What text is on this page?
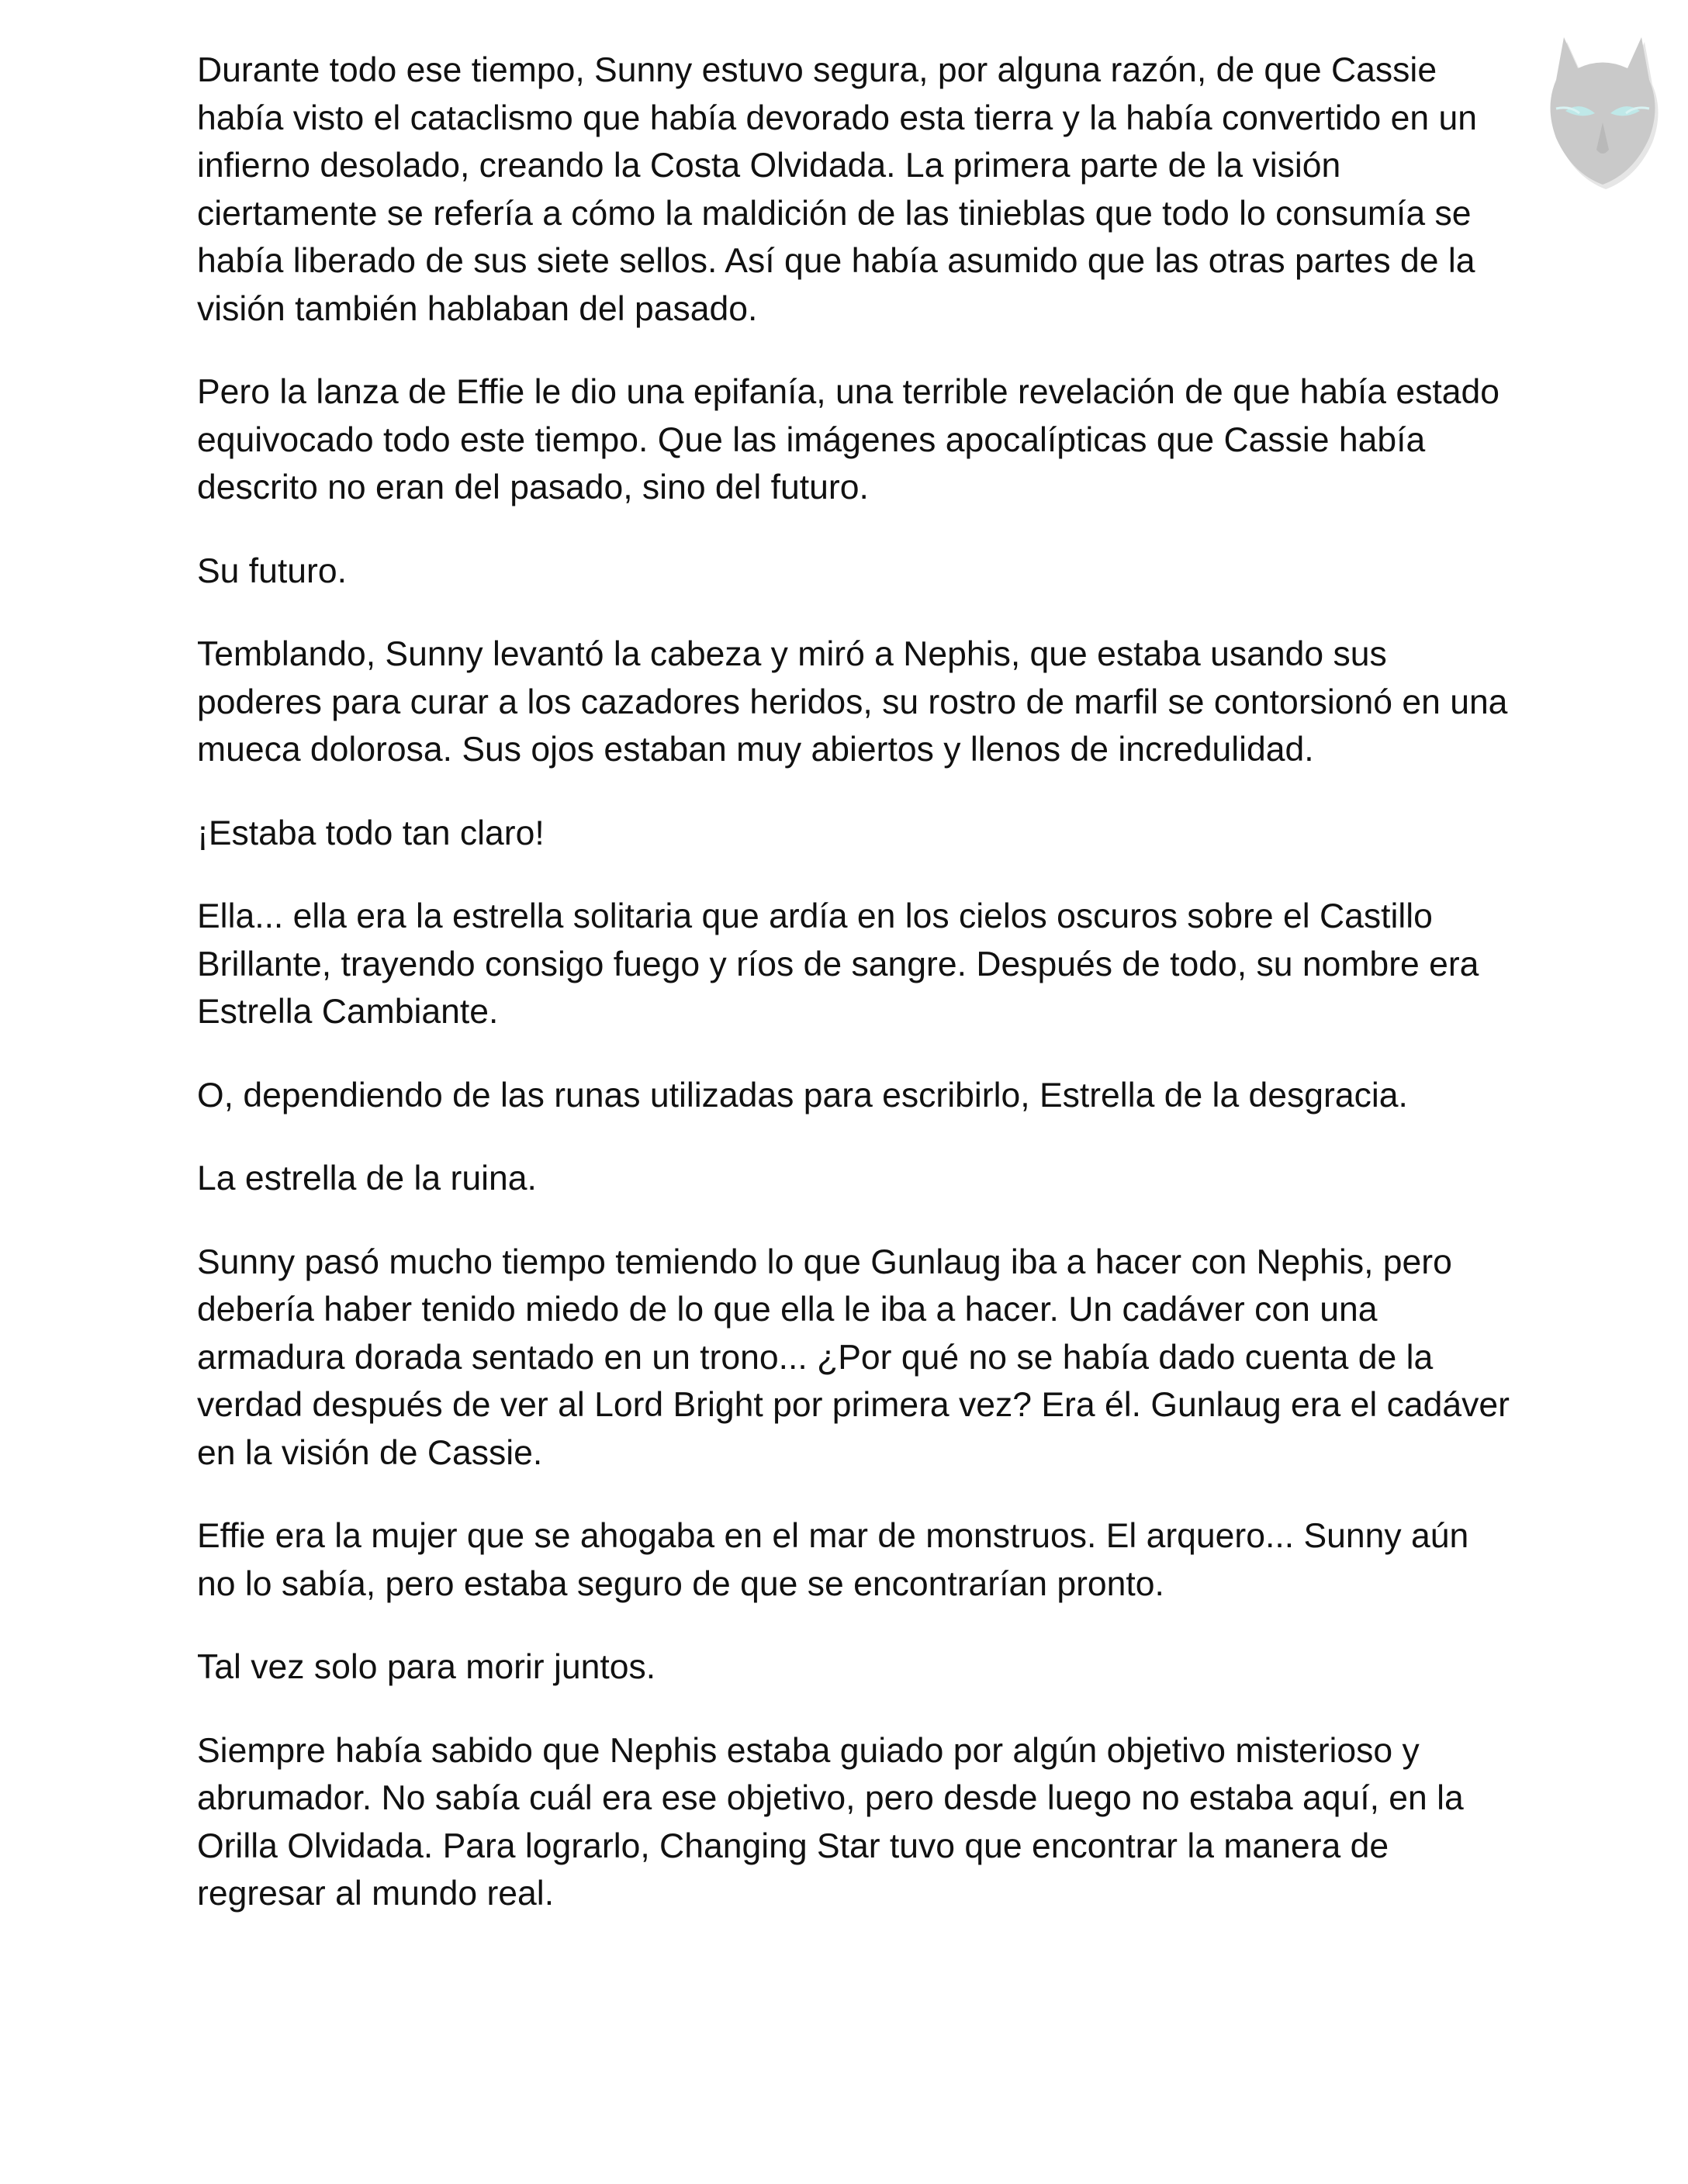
Durante todo ese tiempo, Sunny estuvo segura, por alguna razón, de que Cassie había visto el cataclismo que había devorado esta tierra y la había convertido en un infierno desolado, creando la Costa Olvidada. La primera parte de la visión ciertamente se refería a cómo la maldición de las tinieblas que todo lo consumía se había liberado de sus siete sellos. Así que había asumido que las otras partes de la visión también hablaban del pasado.

Pero la lanza de Effie le dio una epifanía, una terrible revelación de que había estado equivocado todo este tiempo. Que las imágenes apocalípticas que Cassie había descrito no eran del pasado, sino del futuro.

Su futuro.

Temblando, Sunny levantó la cabeza y miró a Nephis, que estaba usando sus poderes para curar a los cazadores heridos, su rostro de marfil se contorsionó en una mueca dolorosa. Sus ojos estaban muy abiertos y llenos de incredulidad.

¡Estaba todo tan claro!

Ella... ella era la estrella solitaria que ardía en los cielos oscuros sobre el Castillo Brillante, trayendo consigo fuego y ríos de sangre. Después de todo, su nombre era Estrella Cambiante.

O, dependiendo de las runas utilizadas para escribirlo, Estrella de la desgracia.

La estrella de la ruina.

Sunny pasó mucho tiempo temiendo lo que Gunlaug iba a hacer con Nephis, pero debería haber tenido miedo de lo que ella le iba a hacer. Un cadáver con una armadura dorada sentado en un trono... ¿Por qué no se había dado cuenta de la verdad después de ver al Lord Bright por primera vez? Era él. Gunlaug era el cadáver en la visión de Cassie.

Effie era la mujer que se ahogaba en el mar de monstruos. El arquero... Sunny aún no lo sabía, pero estaba seguro de que se encontrarían pronto.

Tal vez solo para morir juntos.

Siempre había sabido que Nephis estaba guiado por algún objetivo misterioso y abrumador. No sabía cuál era ese objetivo, pero desde luego no estaba aquí, en la Orilla Olvidada. Para lograrlo, Changing Star tuvo que encontrar la manera de regresar al mundo real.
